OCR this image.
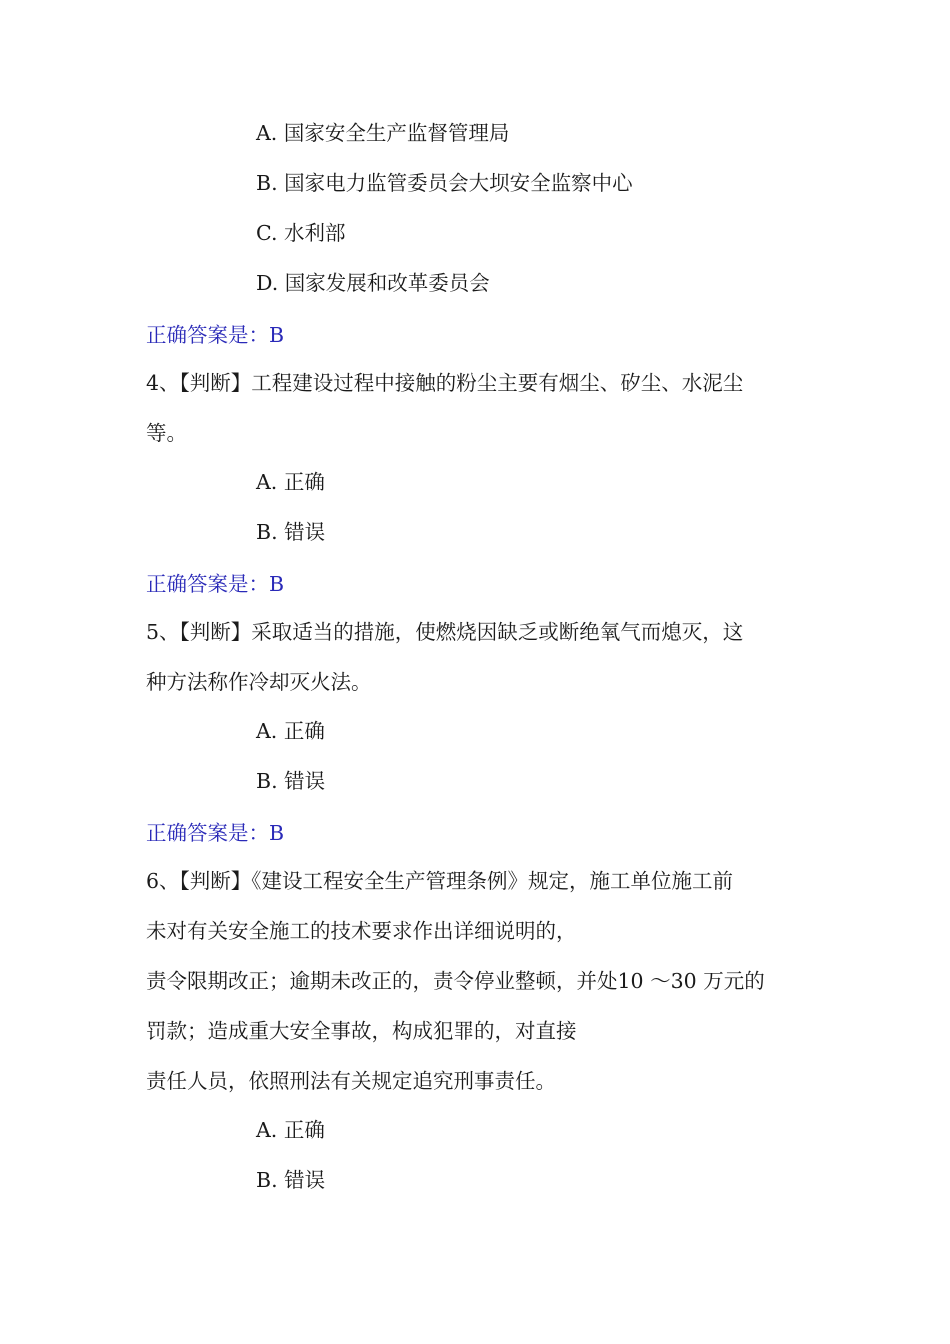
A. 国家安全生产监督管理局
B. 国家电力监管委员会大坝安全监察中心
C. 水利部
D. 国家发展和改革委员会
正确答案是：B
4、【判断】工程建设过程中接触的粉尘主要有烟尘、矽尘、水泥尘
等。
A. 正确
B. 错误
正确答案是：B
5、【判断】采取适当的措施，使燃烧因缺乏或断绝氧气而熄灭，这
种方法称作冷却灭火法。
A. 正确
B. 错误
正确答案是：B
6、【判断】《建设工程安全生产管理条例》规定，施工单位施工前
未对有关安全施工的技术要求作出详细说明的，
责令限期改正；逾期未改正的，责令停业整顿，并处10 ～30 万元的
罚款；造成重大安全事故，构成犯罪的，对直接
责任人员，依照刑法有关规定追究刑事责任。
A. 正确
B. 错误
